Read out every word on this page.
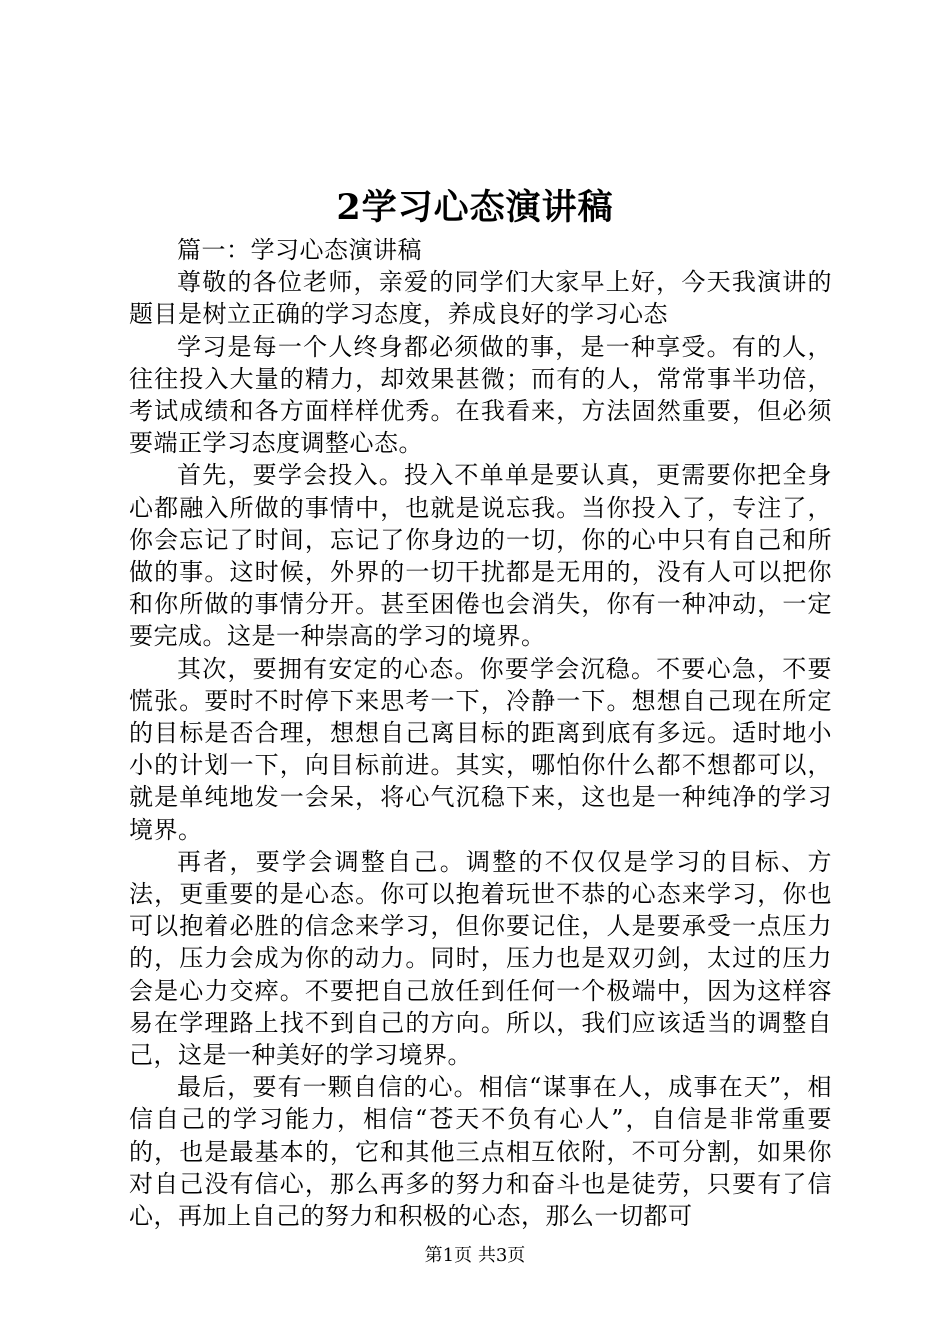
2学习心态演讲稿

篇一：学习心态演讲稿

尊敬的各位老师，亲爱的同学们大家早上好，今天我演讲的题目是树立正确的学习态度，养成良好的学习心态

学习是每一个人终身都必须做的事，是一种享受。有的人，往往投入大量的精力，却效果甚微；而有的人，常常事半功倍，考试成绩和各方面样样优秀。在我看来，方法固然重要，但必须要端正学习态度调整心态。

首先，要学会投入。投入不单单是要认真，更需要你把全身心都融入所做的事情中，也就是说忘我。当你投入了，专注了，你会忘记了时间，忘记了你身边的一切，你的心中只有自己和所做的事。这时候，外界的一切干扰都是无用的，没有人可以把你和你所做的事情分开。甚至困倦也会消失，你有一种冲动，一定要完成。这是一种崇高的学习的境界。

其次，要拥有安定的心态。你要学会沉稳。不要心急，不要慌张。要时不时停下来思考一下，冷静一下。想想自己现在所定的目标是否合理，想想自己离目标的距离到底有多远。适时地小小的计划一下，向目标前进。其实，哪怕你什么都不想都可以，就是单纯地发一会呆，将心气沉稳下来，这也是一种纯净的学习境界。

再者，要学会调整自己。调整的不仅仅是学习的目标、方法，更重要的是心态。你可以抱着玩世不恭的心态来学习，你也可以抱着必胜的信念来学习，但你要记住，人是要承受一点压力的，压力会成为你的动力。同时，压力也是双刃剑，太过的压力会是心力交瘁。不要把自己放任到任何一个极端中，因为这样容易在学理路上找不到自己的方向。所以，我们应该适当的调整自己，这是一种美好的学习境界。

最后，要有一颗自信的心。相信“谋事在人，成事在天”，相信自己的学习能力，相信“苍天不负有心人”，自信是非常重要的，也是最基本的，它和其他三点相互依附，不可分割，如果你对自己没有信心，那么再多的努力和奋斗也是徒劳，只要有了信心，再加上自己的努力和积极的心态，那么一切都可

第1页 共3页
